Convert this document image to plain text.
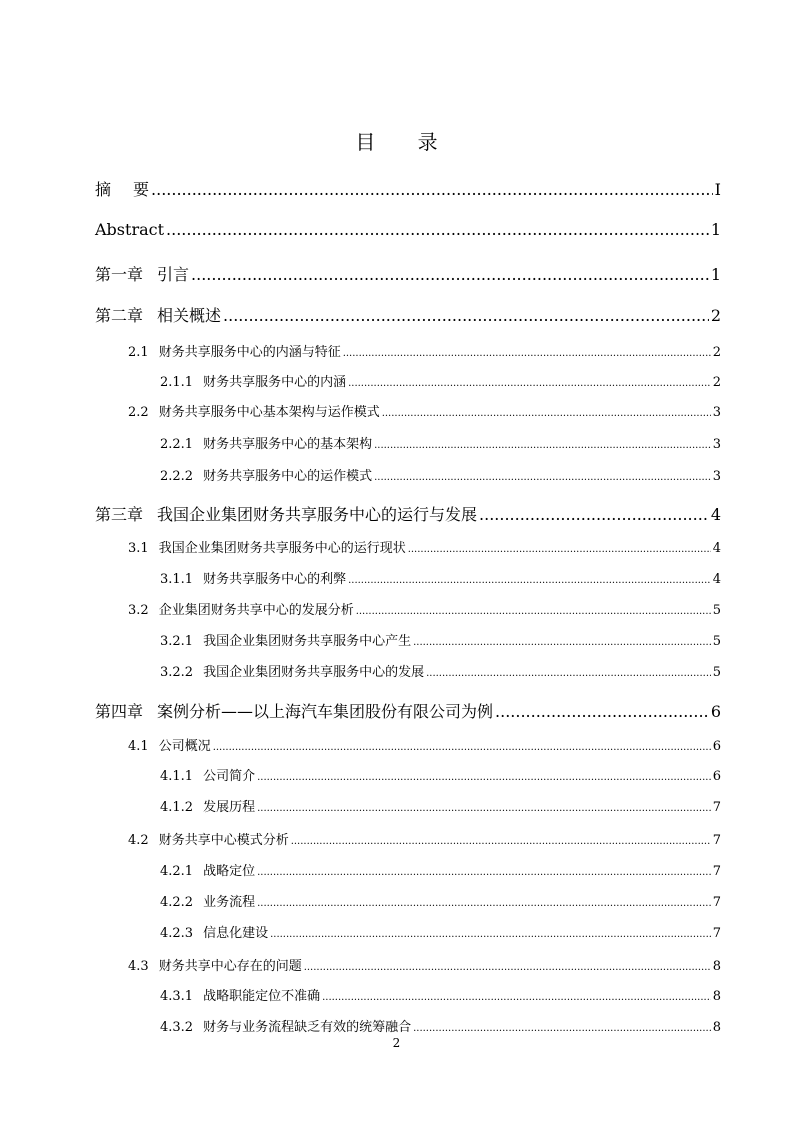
目 录
摘 要 .....	I
Abstract .....	1
第一章 引言 .....	1
第二章 相关概述 .....	2
2.1 财务共享服务中心的内涵与特征 .....	2
2.1.1 财务共享服务中心的内涵 .....	2
2.2 财务共享服务中心基本架构与运作模式 .....	3
2.2.1 财务共享服务中心的基本架构 .....	3
2.2.2 财务共享服务中心的运作模式 .....	3
第三章 我国企业集团财务共享服务中心的运行与发展 .....	4
3.1 我国企业集团财务共享服务中心的运行现状 .....	4
3.1.1 财务共享服务中心的利弊 .....	4
3.2 企业集团财务共享中心的发展分析 .....	5
3.2.1 我国企业集团财务共享服务中心产生 .....	5
3.2.2 我国企业集团财务共享服务中心的发展 .....	5
第四章 案例分析——以上海汽车集团股份有限公司为例 .....	6
4.1 公司概况 .....	6
4.1.1 公司简介 .....	6
4.1.2 发展历程 .....	7
4.2 财务共享中心模式分析 .....	7
4.2.1 战略定位 .....	7
4.2.2 业务流程 .....	7
4.2.3 信息化建设 .....	7
4.3 财务共享中心存在的问题 .....	8
4.3.1 战略职能定位不准确 .....	8
4.3.2 财务与业务流程缺乏有效的统筹融合 .....	8
2
